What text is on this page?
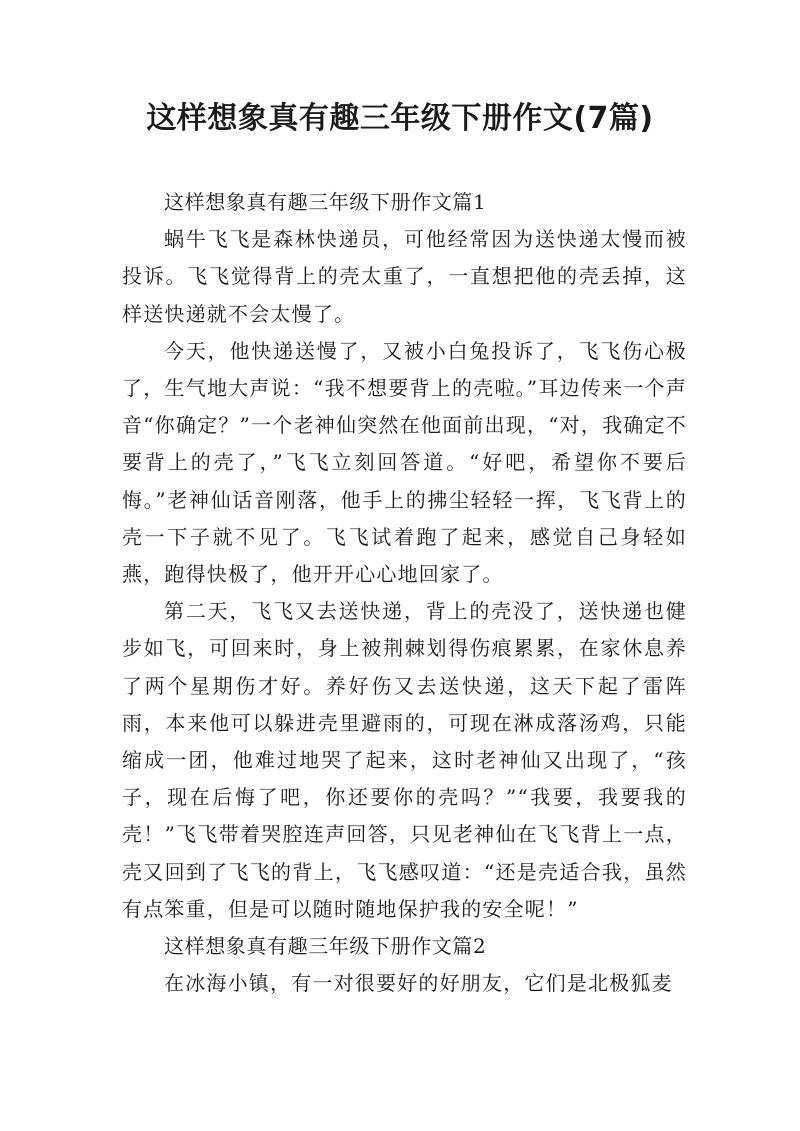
这样想象真有趣三年级下册作文(7篇)

这样想象真有趣三年级下册作文篇1

蜗牛飞飞是森林快递员，可他经常因为送快递太慢而被投诉。飞飞觉得背上的壳太重了，一直想把他的壳丢掉，这样送快递就不会太慢了。

今天，他快递送慢了，又被小白兔投诉了，飞飞伤心极了，生气地大声说：“我不想要背上的壳啦。”耳边传来一个声音“你确定？”一个老神仙突然在他面前出现，“对，我确定不要背上的壳了，”飞飞立刻回答道。“好吧，希望你不要后悔。”老神仙话音刚落，他手上的拂尘轻轻一挥，飞飞背上的壳一下子就不见了。飞飞试着跑了起来，感觉自己身轻如燕，跑得快极了，他开开心心地回家了。

第二天，飞飞又去送快递，背上的壳没了，送快递也健步如飞，可回来时，身上被荆棘划得伤痕累累，在家休息养了两个星期伤才好。养好伤又去送快递，这天下起了雷阵雨，本来他可以躲进壳里避雨的，可现在淋成落汤鸡，只能缩成一团，他难过地哭了起来，这时老神仙又出现了，“孩子，现在后悔了吧，你还要你的壳吗？”“我要，我要我的壳！”飞飞带着哭腔连声回答，只见老神仙在飞飞背上一点，壳又回到了飞飞的背上，飞飞感叹道：“还是壳适合我，虽然有点笨重，但是可以随时随地保护我的安全呢！”

这样想象真有趣三年级下册作文篇2

在冰海小镇，有一对很要好的好朋友，它们是北极狐麦
